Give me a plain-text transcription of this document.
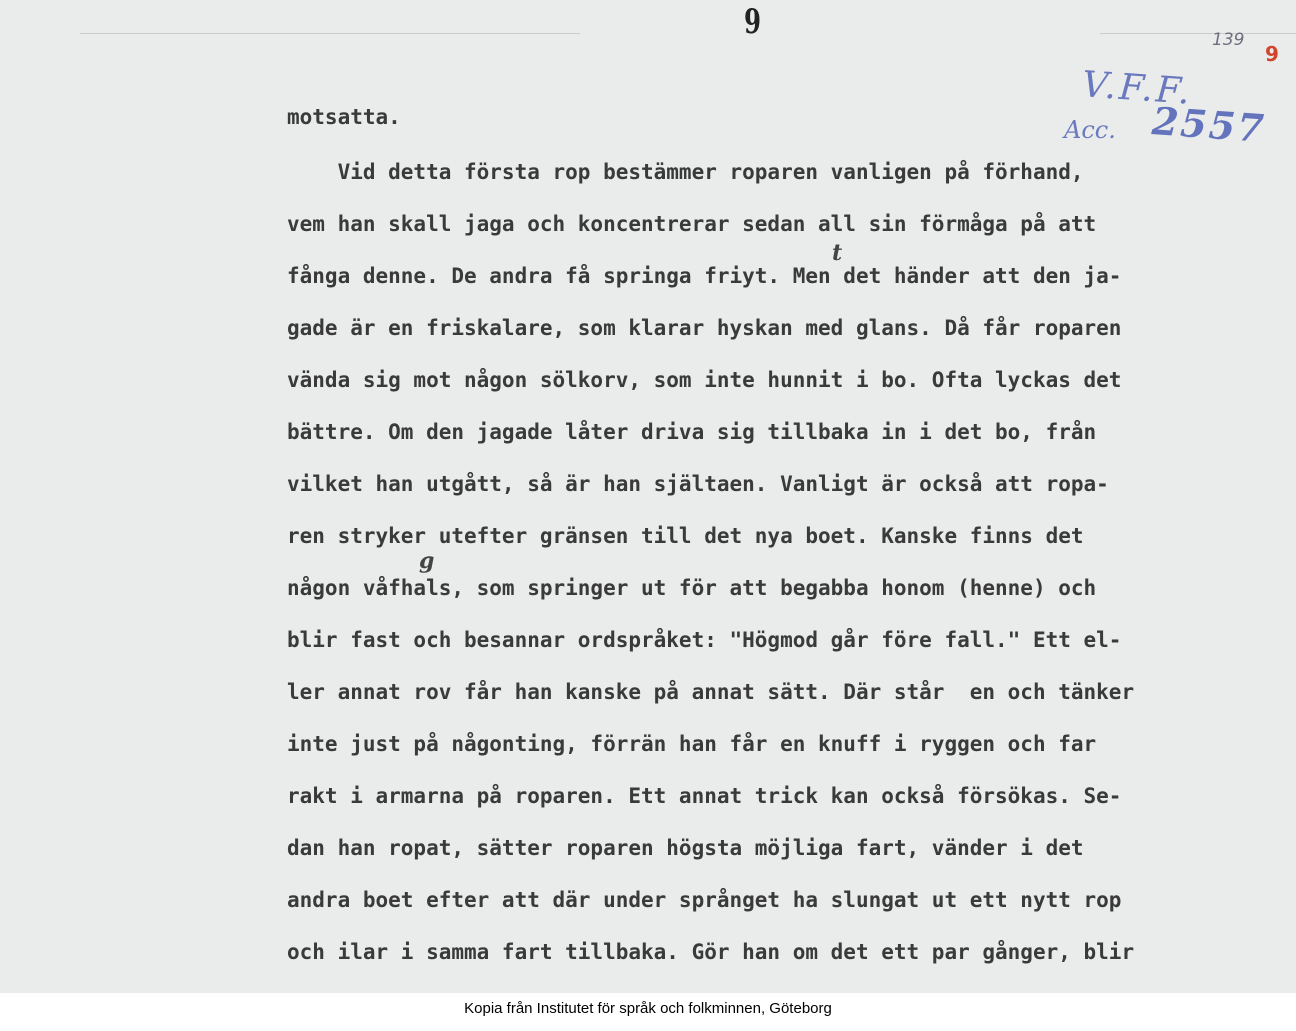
9	139
9
V.F.F.
Acc. 2557
motsatta.
Vid detta första rop bestämmer roparen vanligen på förhand,
vem han skall jaga och koncentrerar sedan all sin förmåga på att
fånga denne. De andra få springa friyt. Men det händer att den ja-
gade är en friskalare, som klarar hyskan med glans. Då får roparen
vända sig mot någon sölkorv, som inte hunnit i bo. Ofta lyckas det
bättre. Om den jagade låter driva sig tillbaka in i det bo, från
vilket han utgått, så är han själtaen. Vanligt är också att ropa-
ren stryker utefter gränsen till det nya boet. Kanske finns det
någon våfhals, som springer ut för att begabba honom (henne) och
blir fast och besannar ordspråket: "Högmod går före fall." Ett el-
ler annat rov får han kanske på annat sätt. Där står  en och tänker
inte just på någonting, förrän han får en knuff i ryggen och far
rakt i armarna på roparen. Ett annat trick kan också försökas. Se-
dan han ropat, sätter roparen högsta möjliga fart, vänder i det
andra boet efter att där under språnget ha slungat ut ett nytt rop
och ilar i samma fart tillbaka. Gör han om det ett par gånger, blir
t
g
Kopia från Institutet för språk och folkminnen, Göteborg
